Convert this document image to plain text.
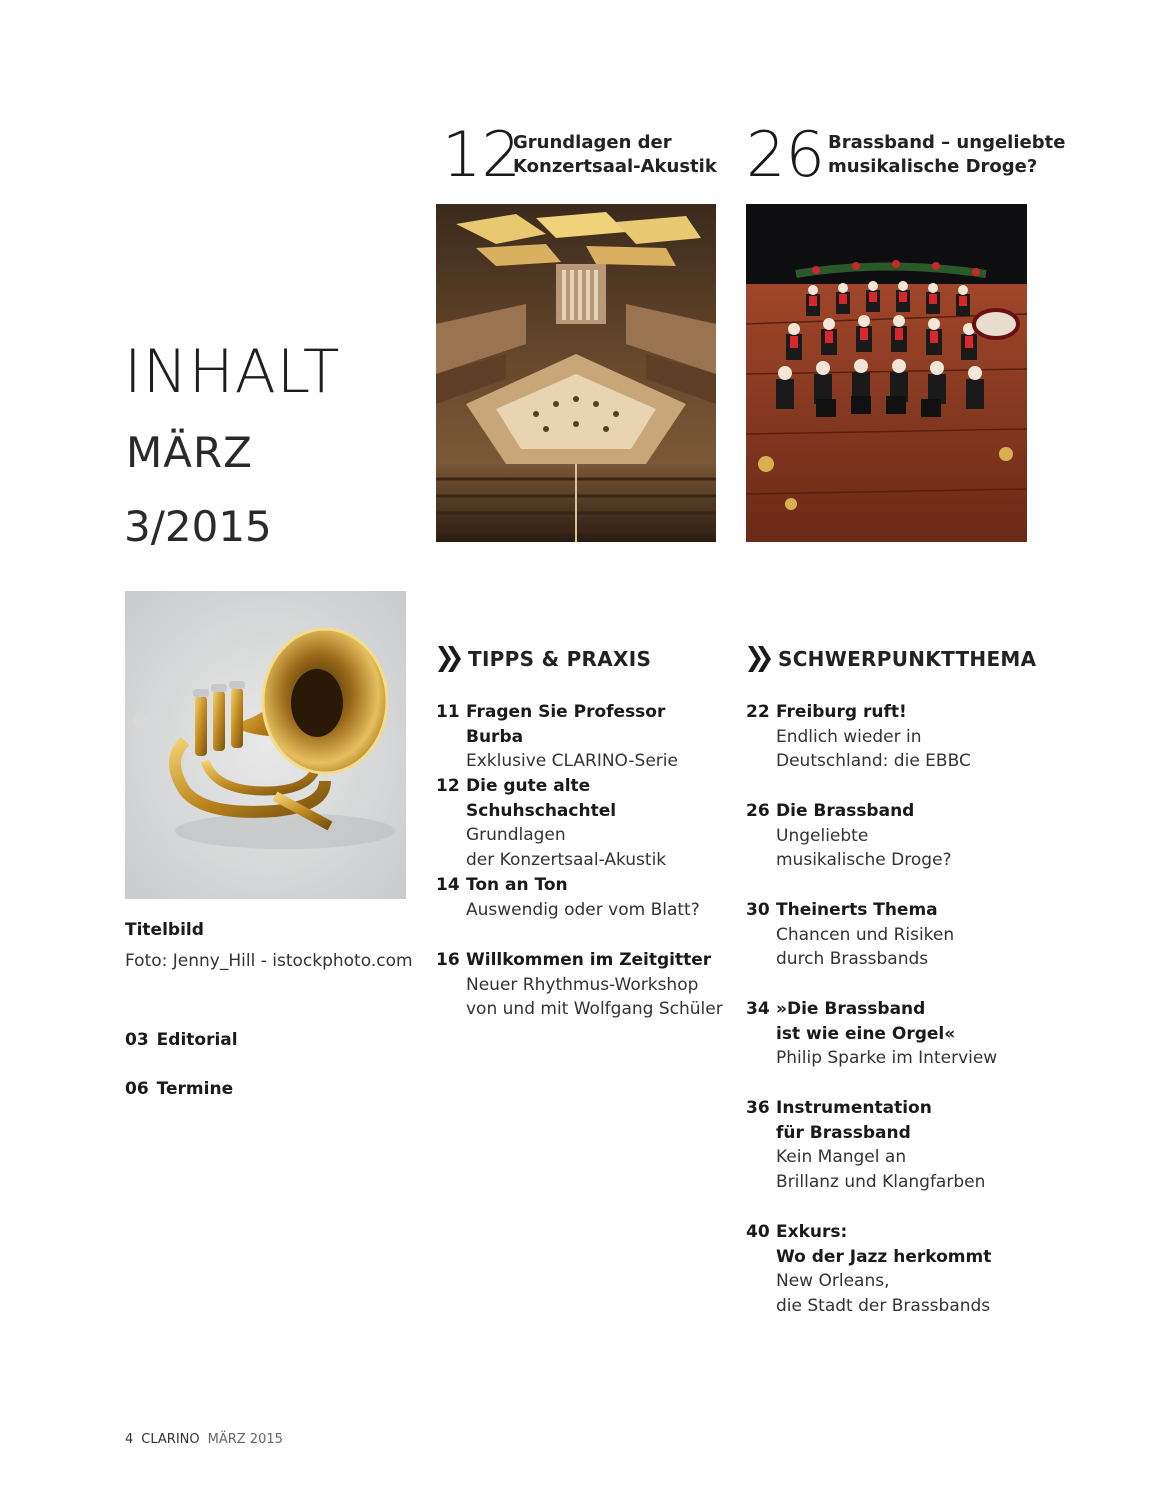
INHALT
MÄRZ
3/2015
12
Grundlagen der
Konzertsaal-Akustik 26 Brassband – ungeliebte
musikalische Droge?
Titelbild
Foto: Jenny_Hill - istockphoto.com
03 Editorial
06 Termine
TIPPS & PRAXIS
11 Fragen Sie Professor Burba
Exklusive CLARINO-Serie
12 Die gute alte Schuhschachtel
Grundlagen
der Konzertsaal-Akustik
14 Ton an Ton
Auswendig oder vom Blatt?
16 Willkommen im Zeitgitter
Neuer Rhythmus-Workshop
von und mit Wolfgang Schüler
SCHWERPUNKTTHEMA
22 Freiburg ruft!
Endlich wieder in
Deutschland: die EBBC
26 Die Brassband
Ungeliebte
musikalische Droge?
30 Theinerts Thema
Chancen und Risiken
durch Brassbands
34 »Die Brassband
ist wie eine Orgel«
Philip Sparke im Interview
36 Instrumentation
für Brassband
Kein Mangel an
Brillanz und Klangfarben
40 Exkurs:
Wo der Jazz herkommt
New Orleans,
die Stadt der Brassbands
4 CLARINO MÄRZ 2015
